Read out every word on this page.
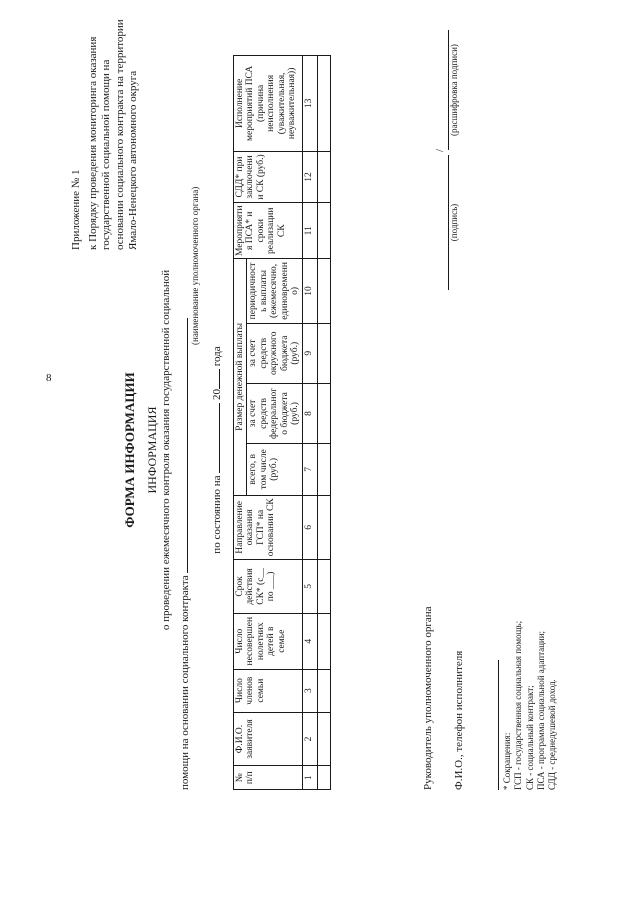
8

Приложение № 1 к Порядку проведения мониторинга оказания государственной социальной помощи на основании социального контракта на территории Ямало-Ненецкого автономного округа

ФОРМА ИНФОРМАЦИИ ИНФОРМАЦИЯ о проведении ежемесячного контроля оказания государственной социальной
помощи на основании социального контракта
(наименование уполномоченного органа)
по состоянию на  20 года
№ п/п	Ф.И.О. заявителя	Число членов семьи	Число несовершеннолетних детей в семье	Срок действия СК* (с__ по ___)	Направление оказания ГСП* на основании СК	Размер денежной выплаты				Мероприятия ПСА* и сроки реализации СК	СДД* при заключении СК (руб.)	Исполнение мероприятий ПСА (причина неисполнения (уважительная, неуважительная))
						всего, в том числе (руб.)	за счет средств федерального бюджета (руб.)	за счет средств окружного бюджета (руб.)	периодичность выплаты (ежемесячно, единовременно)			
1	2	3	4	5	6	7	8	9	10	11	12	13

Руководитель уполномоченного органа Ф.И.О., телефон исполнителя
(подпись)
/
(расшифровка подписи)

* Сокращения: ГСП - государственная социальная помощь; СК - социальный контракт; ПСА - программа социальной адаптации; СДД - среднедушевой доход.
